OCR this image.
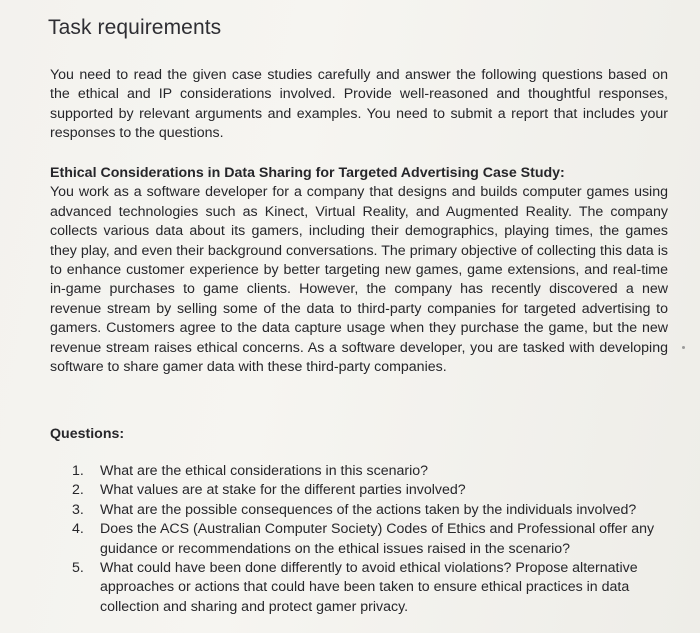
Task requirements

You need to read the given case studies carefully and answer the following questions based on the ethical and IP considerations involved. Provide well-reasoned and thoughtful responses, supported by relevant arguments and examples. You need to submit a report that includes your responses to the questions.

Ethical Considerations in Data Sharing for Targeted Advertising Case Study:
You work as a software developer for a company that designs and builds computer games using advanced technologies such as Kinect, Virtual Reality, and Augmented Reality. The company collects various data about its gamers, including their demographics, playing times, the games they play, and even their background conversations. The primary objective of collecting this data is to enhance customer experience by better targeting new games, game extensions, and real-time in-game purchases to game clients. However, the company has recently discovered a new revenue stream by selling some of the data to third-party companies for targeted advertising to gamers. Customers agree to the data capture usage when they purchase the game, but the new revenue stream raises ethical concerns. As a software developer, you are tasked with developing software to share gamer data with these third-party companies.
Questions:
1. What are the ethical considerations in this scenario?
2. What values are at stake for the different parties involved?
3. What are the possible consequences of the actions taken by the individuals involved?
4. Does the ACS (Australian Computer Society) Codes of Ethics and Professional offer any guidance or recommendations on the ethical issues raised in the scenario?
5. What could have been done differently to avoid ethical violations? Propose alternative approaches or actions that could have been taken to ensure ethical practices in data collection and sharing and protect gamer privacy.
